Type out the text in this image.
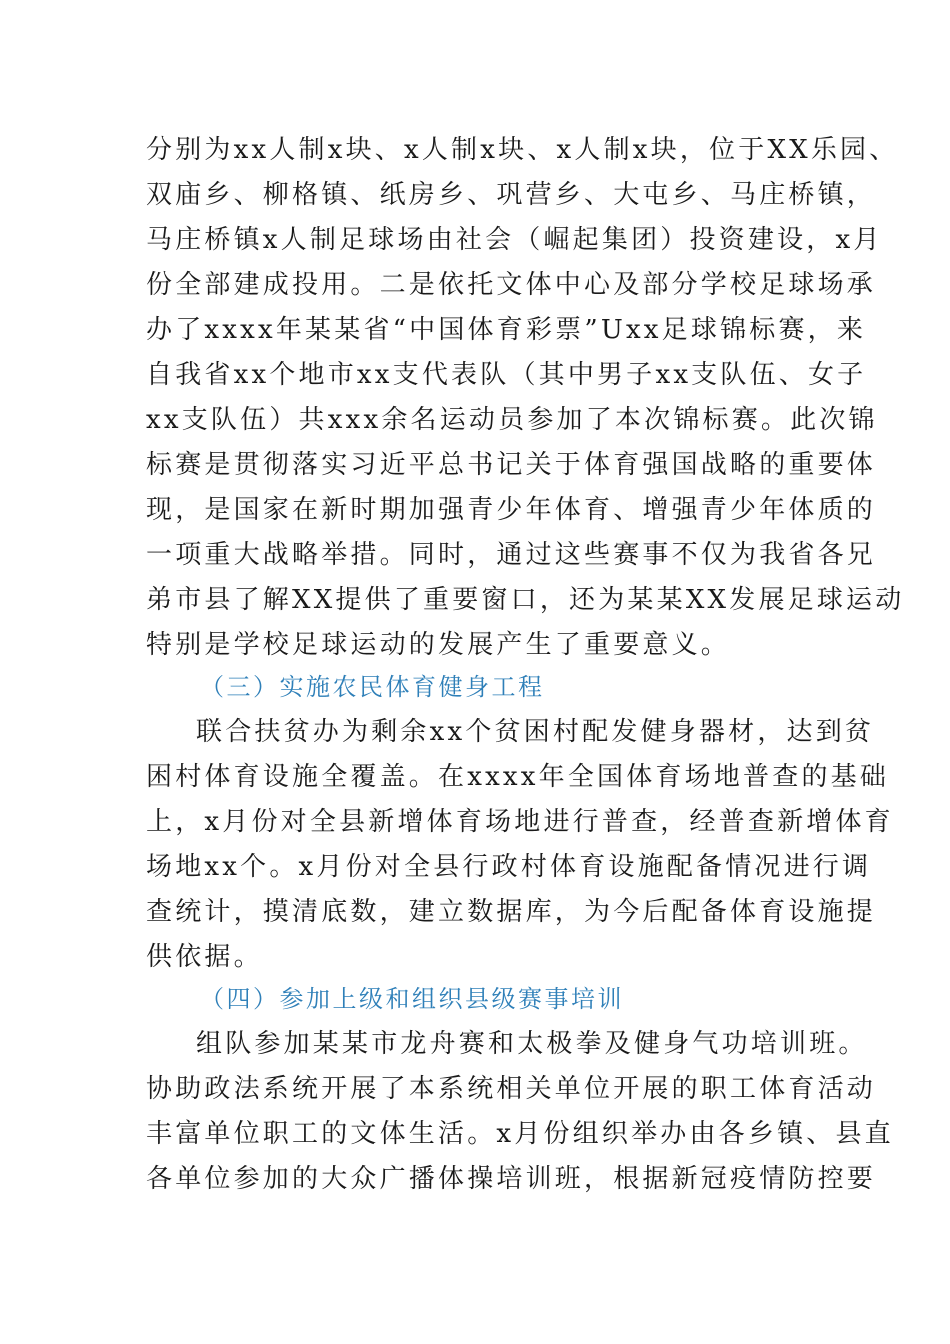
分别为xx人制x块、x人制x块、x人制x块，位于XX乐园、
双庙乡、柳格镇、纸房乡、巩营乡、大屯乡、马庄桥镇，
马庄桥镇x人制足球场由社会（崛起集团）投资建设，x月
份全部建成投用。二是依托文体中心及部分学校足球场承
办了xxxx年某某省“中国体育彩票”Uxx足球锦标赛，来
自我省xx个地市xx支代表队（其中男子xx支队伍、女子
xx支队伍）共xxx余名运动员参加了本次锦标赛。此次锦
标赛是贯彻落实习近平总书记关于体育强国战略的重要体
现，是国家在新时期加强青少年体育、增强青少年体质的
一项重大战略举措。同时，通过这些赛事不仅为我省各兄
弟市县了解XX提供了重要窗口，还为某某XX发展足球运动
特别是学校足球运动的发展产生了重要意义。
（三）实施农民体育健身工程
联合扶贫办为剩余xx个贫困村配发健身器材，达到贫
困村体育设施全覆盖。在xxxx年全国体育场地普查的基础
上，x月份对全县新增体育场地进行普查，经普查新增体育
场地xx个。x月份对全县行政村体育设施配备情况进行调
查统计，摸清底数，建立数据库，为今后配备体育设施提
供依据。
（四）参加上级和组织县级赛事培训
组队参加某某市龙舟赛和太极拳及健身气功培训班。
协助政法系统开展了本系统相关单位开展的职工体育活动
丰富单位职工的文体生活。x月份组织举办由各乡镇、县直
各单位参加的大众广播体操培训班，根据新冠疫情防控要
